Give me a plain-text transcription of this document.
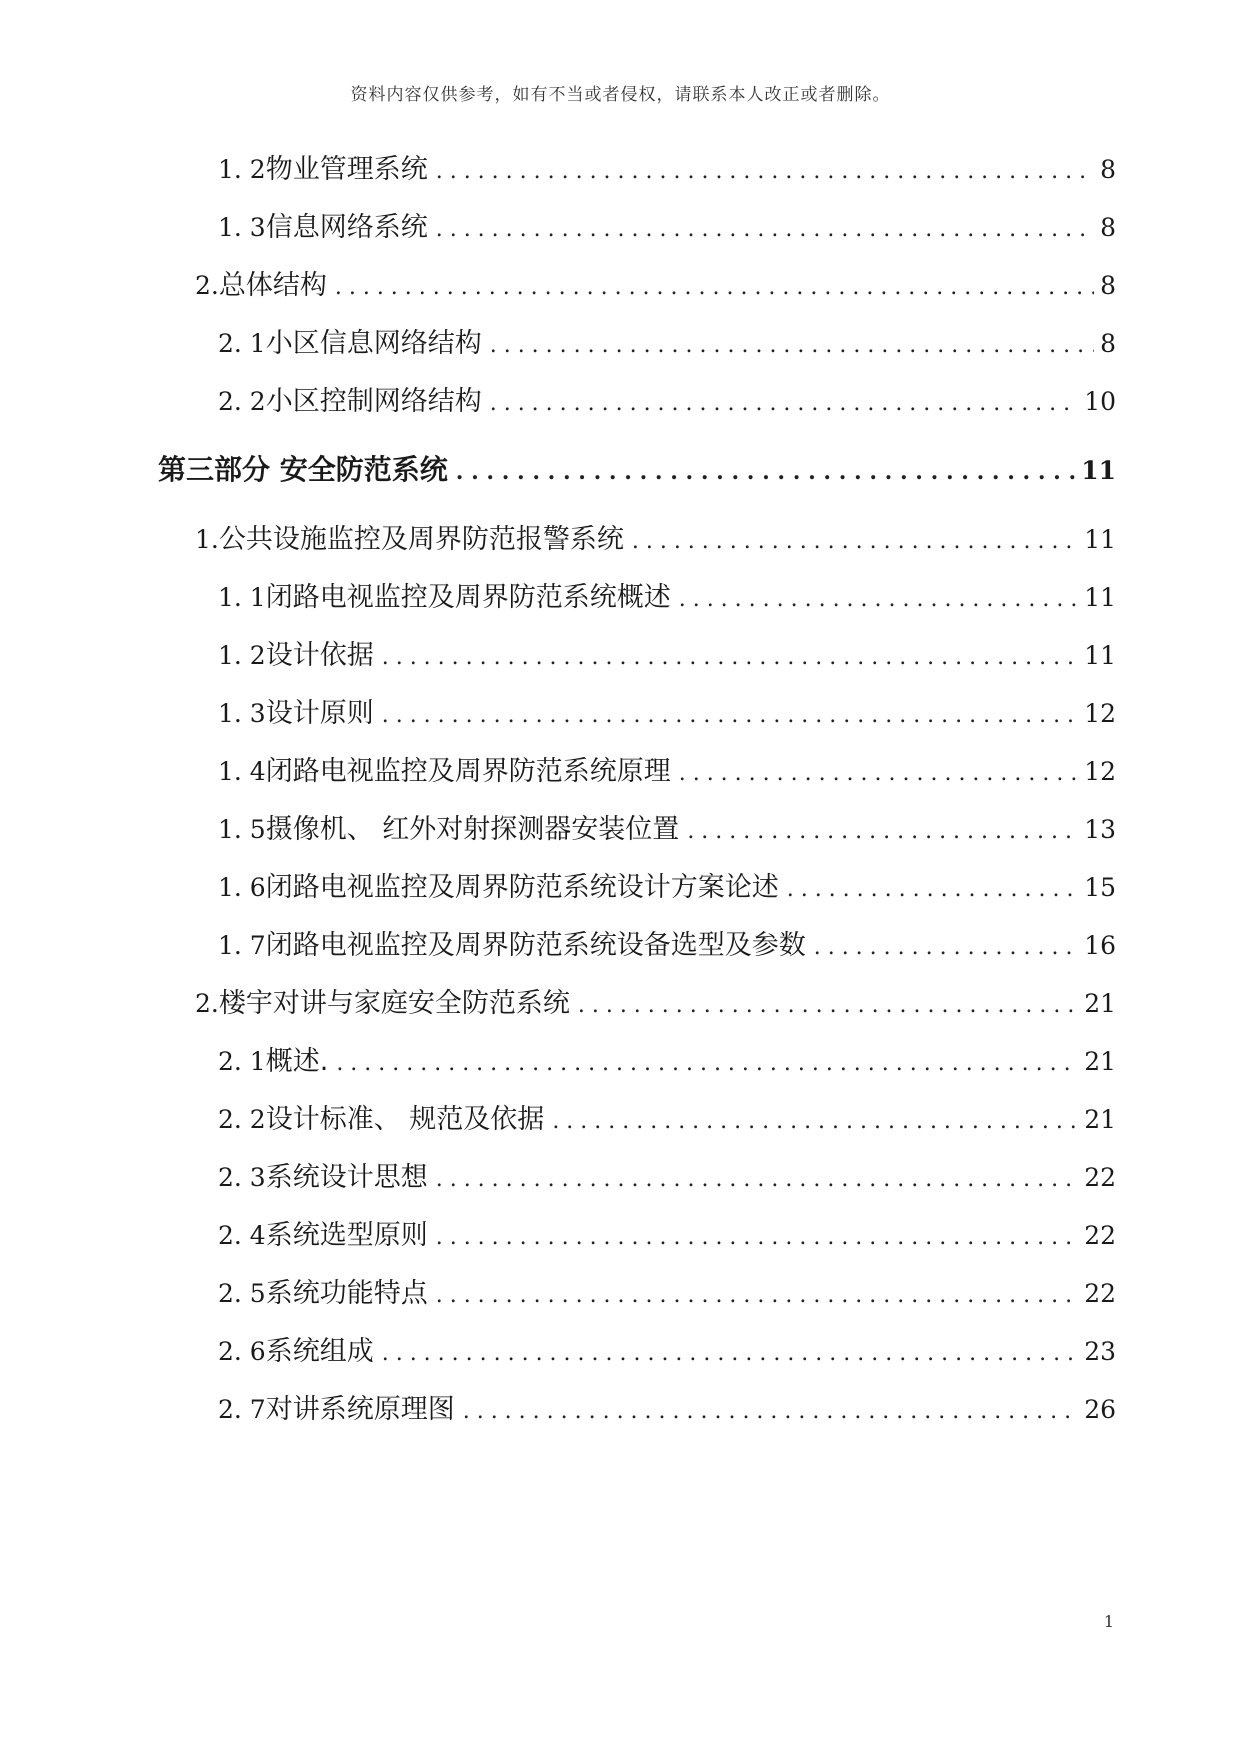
资料内容仅供参考，如有不当或者侵权，请联系本人改正或者删除。
1. 2 物业管理系统 . . .	8
1. 3 信息网络系统 . . .	8
2. 总体结构 . . .	8
2. 1 小区信息网络结构 . . .	8
2. 2 小区控制网络结构 . . .	10
第三部分 安全防范系统 . . .	11
1. 公共设施监控及周界防范报警系统 . . .	11
1. 1 闭路电视监控及周界防范系统概述 . . .	11
1. 2 设计依据 . . .	11
1. 3 设计原则 . . .	12
1. 4 闭路电视监控及周界防范系统原理 . . .	12
1. 5 摄像机、 红外对射探测器安装位置 . . .	13
1. 6 闭路电视监控及周界防范系统设计方案论述 . . .	15
1. 7 闭路电视监控及周界防范系统设备选型及参数 . . .	16
2. 楼宇对讲与家庭安全防范系统 . . .	21
2. 1 概述. . . .	21
2. 2 设计标准、 规范及依据 . . .	21
2. 3 系统设计思想 . . .	22
2. 4 系统选型原则 . . .	22
2. 5 系统功能特点 . . .	22
2. 6 系统组成 . . .	23
2. 7 对讲系统原理图 . . .	26
1
